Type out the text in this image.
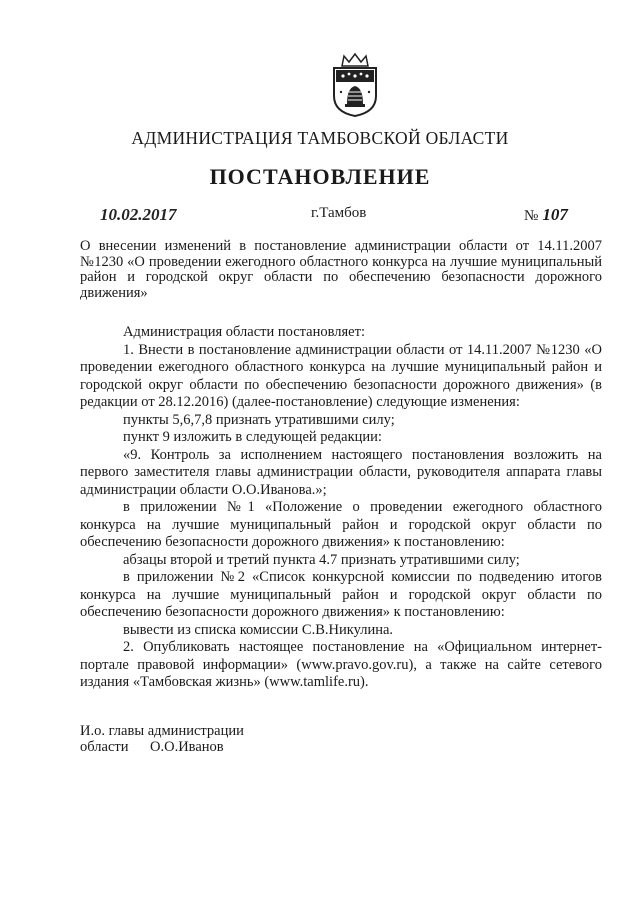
АДМИНИСТРАЦИЯ ТАМБОВСКОЙ ОБЛАСТИ
ПОСТАНОВЛЕНИЕ
10.02.2017	г.Тамбов	№ 107
О внесении изменений в постановление администрации области от 14.11.2007 №1230 «О проведении ежегодного областного конкурса на лучшие муниципальный район и городской округ области по обеспечению безопасности дорожного движения»

Администрация области постановляет:

1. Внести в постановление администрации области от 14.11.2007 №1230 «О проведении ежегодного областного конкурса на лучшие муниципальный район и городской округ области по обеспечению безопасности дорожного движения» (в редакции от 28.12.2016) (далее-постановление) следующие изменения:

пункты 5,6,7,8 признать утратившими силу;

пункт 9 изложить в следующей редакции:

«9. Контроль за исполнением настоящего постановления возложить на первого заместителя главы администрации области, руководителя аппарата главы администрации области О.О.Иванова.»;

в приложении №1 «Положение о проведении ежегодного областного конкурса на лучшие муниципальный район и городской округ области по обеспечению безопасности дорожного движения» к постановлению:

абзацы второй и третий пункта 4.7 признать утратившими силу;

в приложении №2 «Список конкурсной комиссии по подведению итогов конкурса на лучшие муниципальный район и городской округ области по обеспечению безопасности дорожного движения» к постановлению:

вывести из списка комиссии С.В.Никулина.

2. Опубликовать настоящее постановление на «Официальном интернет-портале правовой информации» (www.pravo.gov.ru), а также на сайте сетевого издания «Тамбовская жизнь» (www.tamlife.ru).

И.о. главы администрации
области О.О.Иванов
